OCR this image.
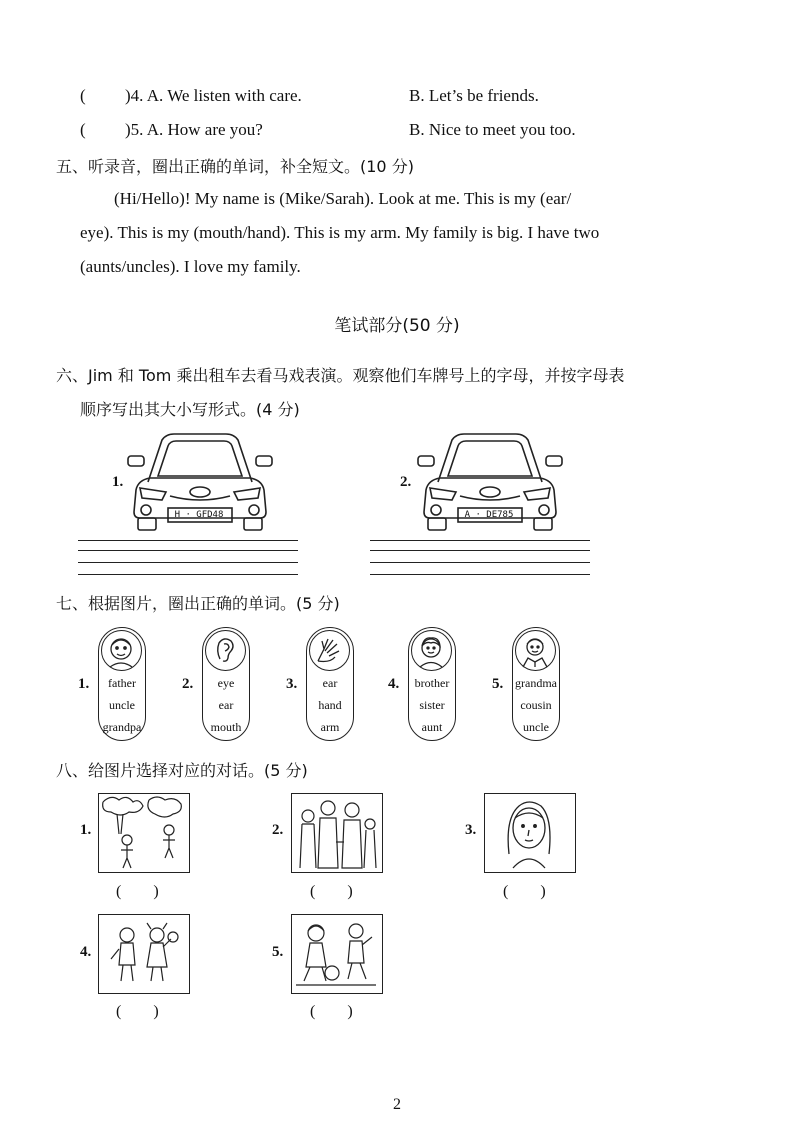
( )4. A. We listen with care.	B. Let’s be friends.
( )5. A. How are you?	B. Nice to meet you too.
五、听录音，圈出正确的单词，补全短文。(10 分)
(Hi/Hello)! My name is (Mike/Sarah). Look at me. This is my (ear/
eye). This is my (mouth/hand). This is my arm. My family is big. I have two
(aunts/uncles). I love my family.
笔试部分(50 分)
六、Jim 和 Tom 乘出租车去看马戏表演。观察他们车牌号上的字母，并按字母表
顺序写出其大小写形式。(4 分)
1.
H · GFD48
2.
A · DE785
七、根据图片，圈出正确的单词。(5 分)
1.	father
uncle
grandpa
2.	eye
ear
mouth
3.	ear
hand
arm
4.	brother
sister
aunt
5. grandma
cousin
uncle
八、给图片选择对应的对话。(5 分)
1.
(　　)
2.
(　　)
3.
(　　)
4.
(　　)
5.
(　　)
2
